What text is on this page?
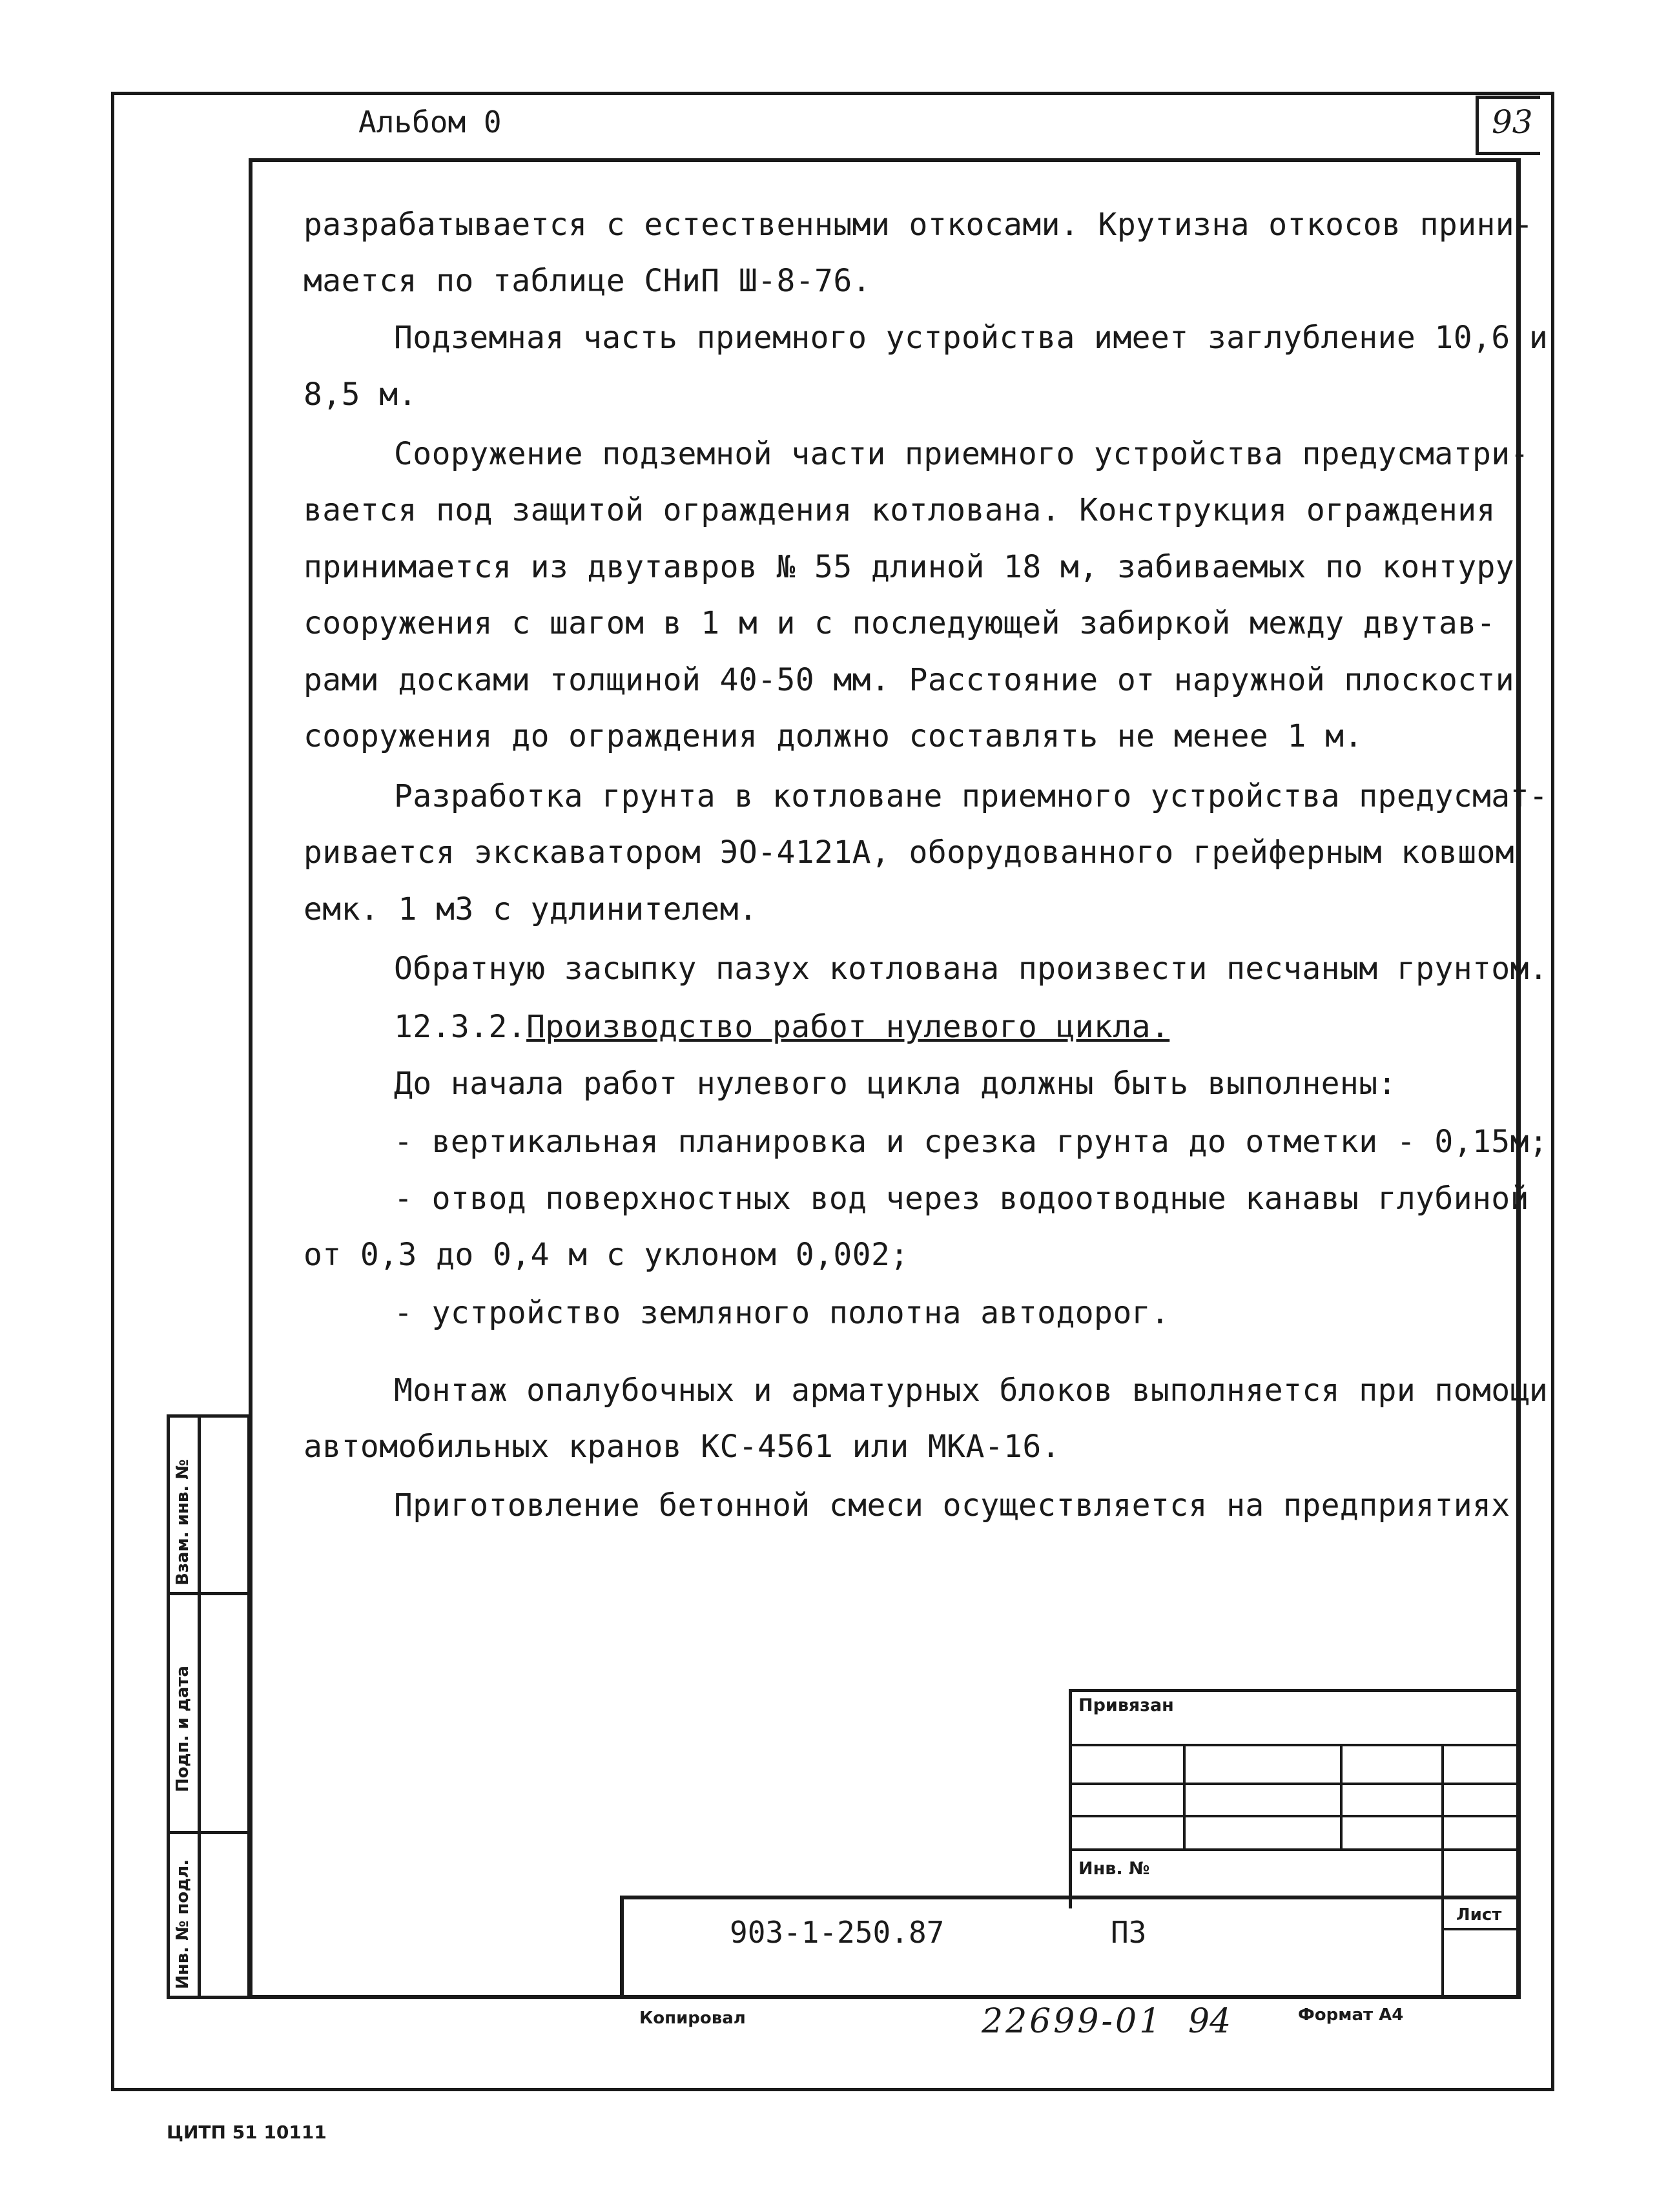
Альбом 0	93
разрабатывается с естественными откосами. Крутизна откосов прини-
мается по таблице СНиП Ш-8-76.
Подземная часть приемного устройства имеет заглубление 10,6 и
8,5 м.
Сооружение подземной части приемного устройства предусматри-
вается под защитой ограждения котлована. Конструкция ограждения
принимается из двутавров № 55 длиной 18 м, забиваемых по контуру
сооружения с шагом в 1 м и с последующей забиркой между двутав-
рами досками толщиной 40-50 мм. Расстояние от наружной плоскости
сооружения до ограждения должно составлять не менее 1 м.
Разработка грунта в котловане приемного устройства предусмат-
ривается экскаватором ЭО-4121А, оборудованного грейферным ковшом
емк. 1 м3 с удлинителем.
Обратную засыпку пазух котлована произвести песчаным грунтом.
12.3.2.Производство работ нулевого цикла.
До начала работ нулевого цикла должны быть выполнены:
- вертикальная планировка и срезка грунта до отметки - 0,15м;
- отвод поверхностных вод через водоотводные канавы глубиной
от 0,3 до 0,4 м с уклоном 0,002;
- устройство земляного полотна автодорог.
Монтаж опалубочных и арматурных блоков выполняется при помощи
автомобильных кранов КС-4561 или МКА-16.
Приготовление бетонной смеси осуществляется на предприятиях
Взам. инв. №
Подп. и дата
Инв. № подл.
Привязан
Инв. №
903-1-250.87	ПЗ	Лист
Копировал	22699-01 94	Формат А4
ЦИТП 51 10111
